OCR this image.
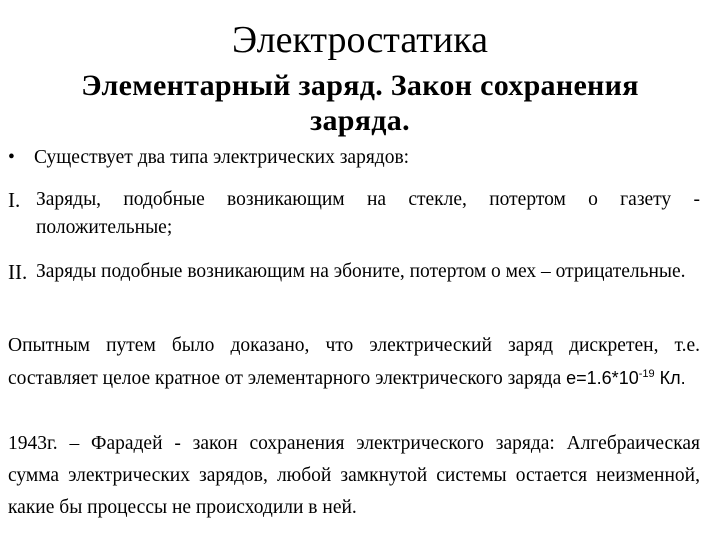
Электростатика
Элементарный заряд. Закон сохранения заряда.
• Существует два типа электрических зарядов:
I. Заряды, подобные возникающим на стекле, потертом о газету - положительные;
II. Заряды подобные возникающим на эбоните, потертом о мех – отрицательные.
Опытным путем было доказано, что электрический заряд дискретен, т.е. составляет целое кратное от элементарного электрического заряда $e=1.6*10^{-19}$ Кл.
1943г. – Фарадей - закон сохранения электрического заряда: Алгебраическая сумма электрических зарядов, любой замкнутой системы остается неизменной, какие бы процессы не происходили в ней.
